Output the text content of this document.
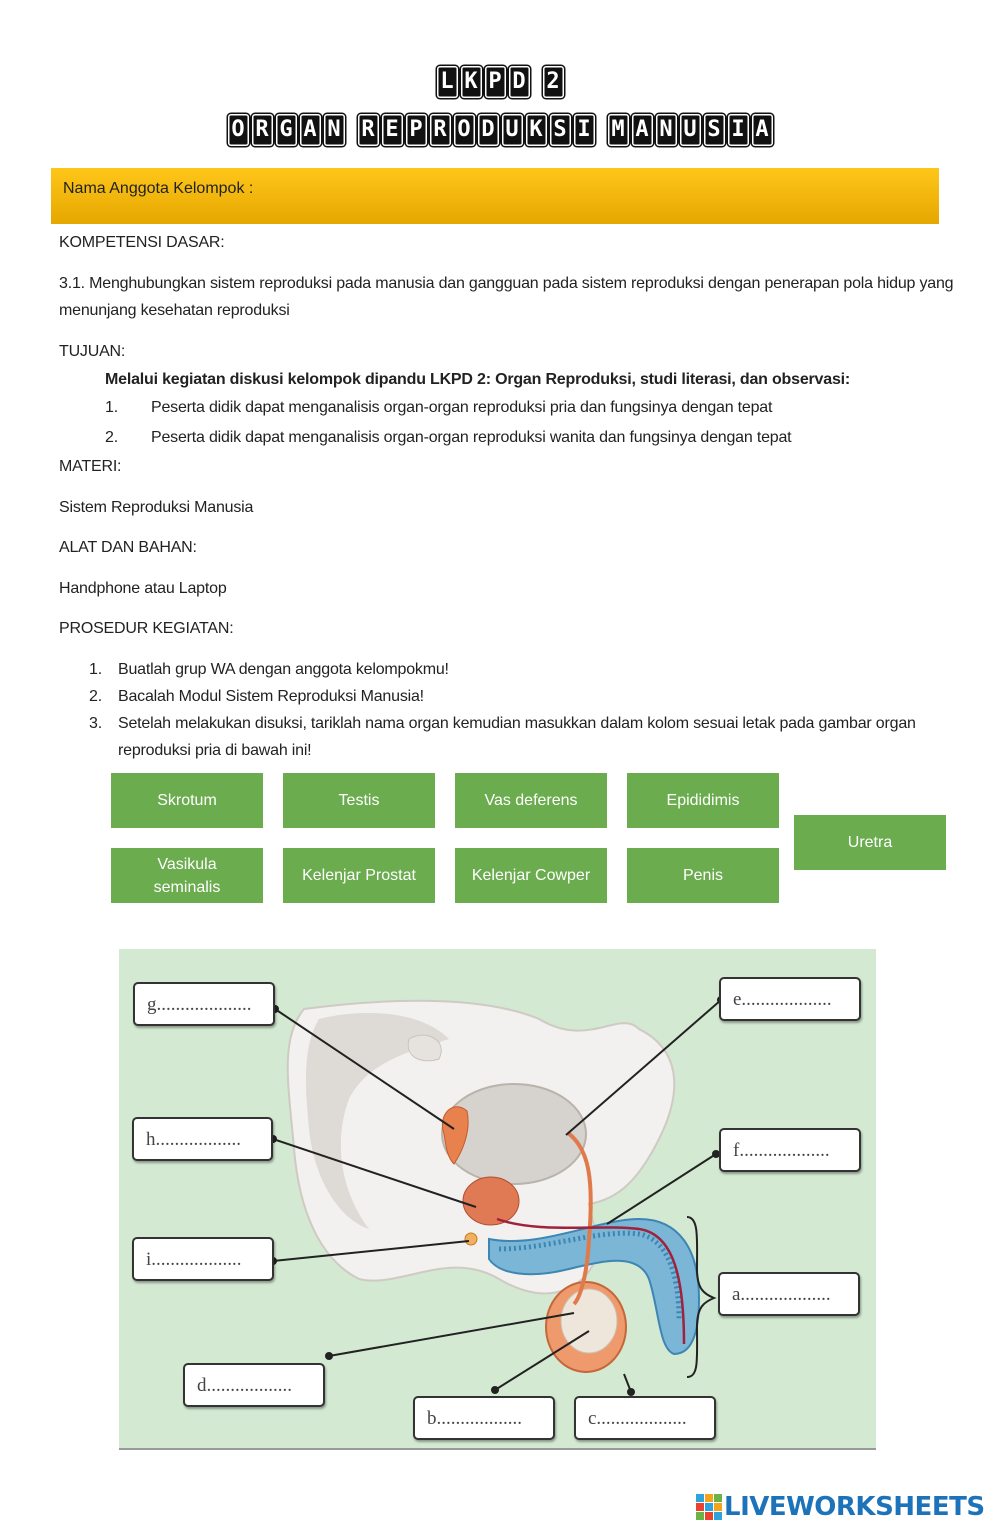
L K P D 2
O R G A N R E P R O D U K S I M A N U S I A
Nama Anggota Kelompok :
KOMPETENSI DASAR:
3.1. Menghubungkan sistem reproduksi pada manusia dan gangguan pada sistem reproduksi dengan penerapan pola hidup yang
menunjang kesehatan reproduksi
TUJUAN:
Melalui kegiatan diskusi kelompok dipandu LKPD 2: Organ Reproduksi, studi literasi, dan observasi:
1. Peserta didik dapat menganalisis organ-organ reproduksi pria dan fungsinya dengan tepat
2. Peserta didik dapat menganalisis organ-organ reproduksi wanita dan fungsinya dengan tepat
MATERI:
Sistem Reproduksi Manusia
ALAT DAN BAHAN:
Handphone atau Laptop
PROSEDUR KEGIATAN:
1. Buatlah grup WA dengan anggota kelompokmu!
2. Bacalah Modul Sistem Reproduksi Manusia!
3. Setelah melakukan disuksi, tariklah nama organ kemudian masukkan dalam kolom sesuai letak pada gambar organ
reproduksi pria di bawah ini!
Skrotum	Testis	Vas deferens	Epididimis
Uretra
Vasikula seminalis
Kelenjar Prostat	Kelenjar Cowper	Penis
g....................	e...................
h..................
f...................
i...................
a...................
d..................
b..................	c...................
LIVEWORKSHEETS
